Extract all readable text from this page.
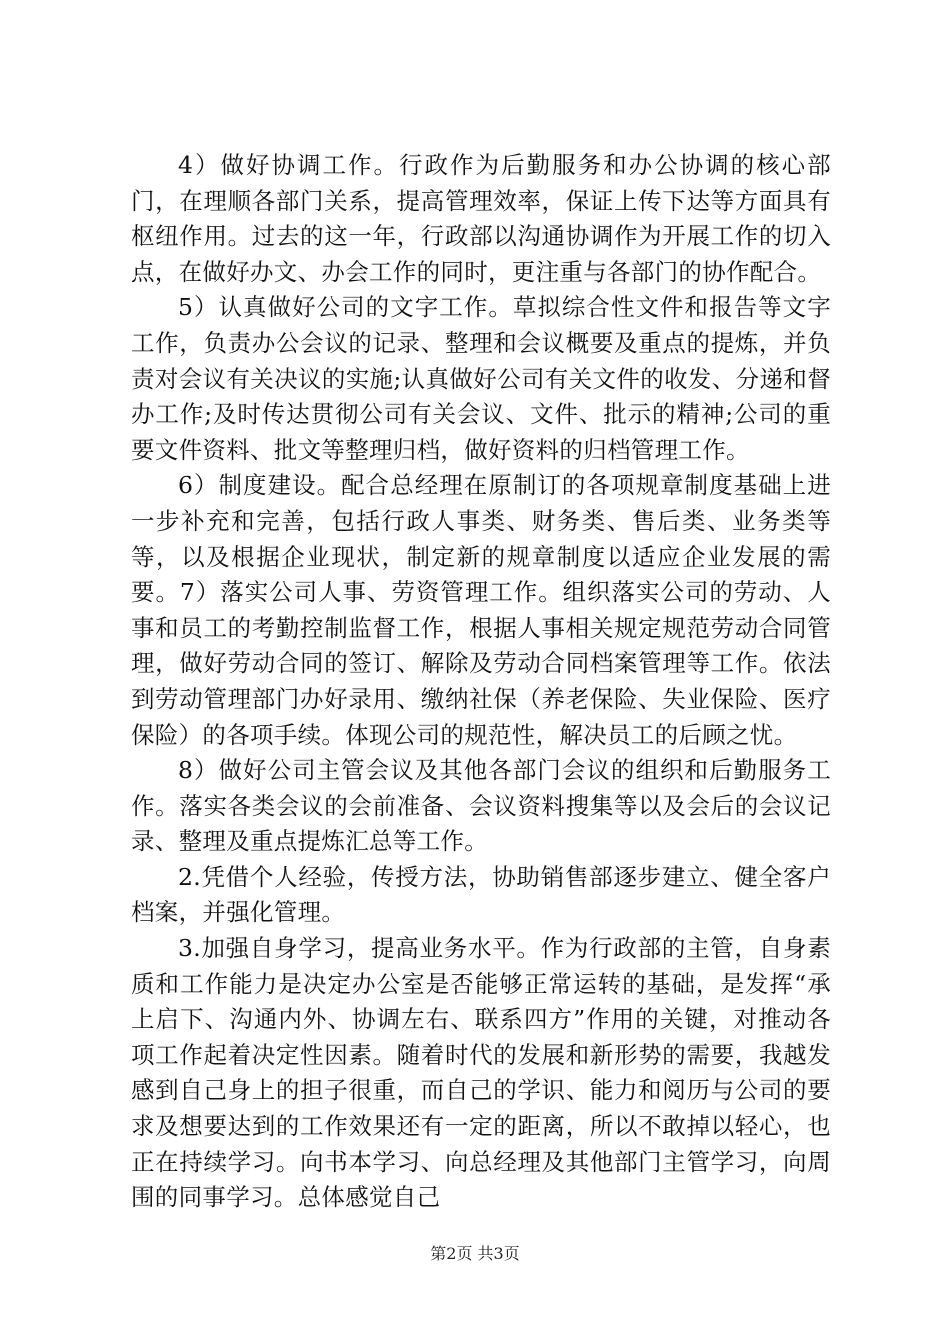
4）做好协调工作。行政作为后勤服务和办公协调的核心部门，在理顺各部门关系，提高管理效率，保证上传下达等方面具有枢纽作用。过去的这一年，行政部以沟通协调作为开展工作的切入点，在做好办文、办会工作的同时，更注重与各部门的协作配合。

5）认真做好公司的文字工作。草拟综合性文件和报告等文字工作，负责办公会议的记录、整理和会议概要及重点的提炼，并负责对会议有关决议的实施;认真做好公司有关文件的收发、分递和督办工作;及时传达贯彻公司有关会议、文件、批示的精神;公司的重要文件资料、批文等整理归档，做好资料的归档管理工作。

6）制度建设。配合总经理在原制订的各项规章制度基础上进一步补充和完善，包括行政人事类、财务类、售后类、业务类等等，以及根据企业现状，制定新的规章制度以适应企业发展的需要。7）落实公司人事、劳资管理工作。组织落实公司的劳动、人事和员工的考勤控制监督工作，根据人事相关规定规范劳动合同管理，做好劳动合同的签订、解除及劳动合同档案管理等工作。依法到劳动管理部门办好录用、缴纳社保（养老保险、失业保险、医疗保险）的各项手续。体现公司的规范性，解决员工的后顾之忧。

8）做好公司主管会议及其他各部门会议的组织和后勤服务工作。落实各类会议的会前准备、会议资料搜集等以及会后的会议记录、整理及重点提炼汇总等工作。

2.凭借个人经验，传授方法，协助销售部逐步建立、健全客户档案，并强化管理。

3.加强自身学习，提高业务水平。作为行政部的主管，自身素质和工作能力是决定办公室是否能够正常运转的基础，是发挥“承上启下、沟通内外、协调左右、联系四方”作用的关键，对推动各项工作起着决定性因素。随着时代的发展和新形势的需要，我越发感到自己身上的担子很重，而自己的学识、能力和阅历与公司的要求及想要达到的工作效果还有一定的距离，所以不敢掉以轻心，也正在持续学习。向书本学习、向总经理及其他部门主管学习，向周围的同事学习。总体感觉自己

第2页 共3页
